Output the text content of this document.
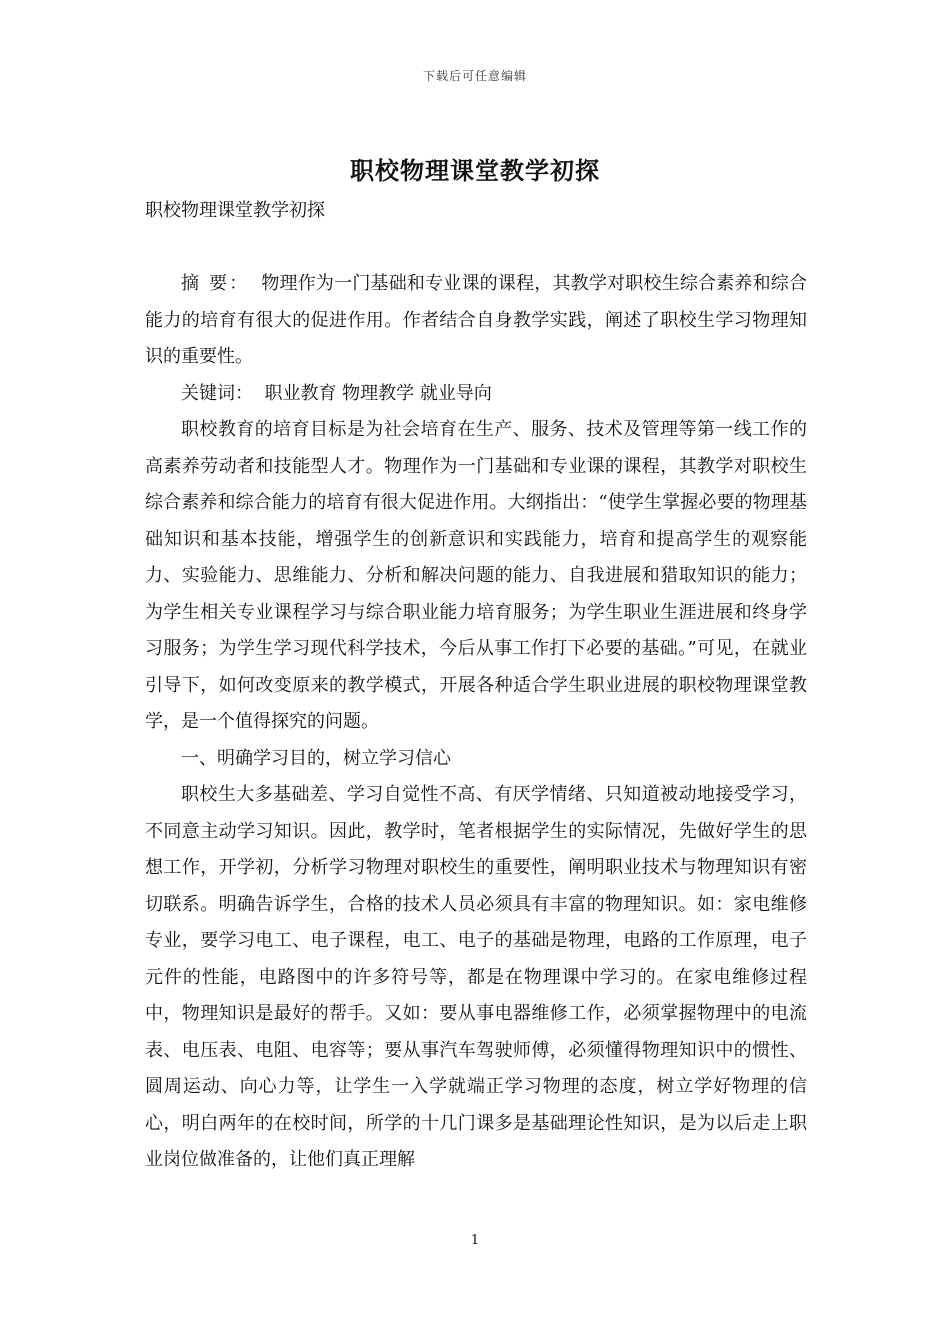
下载后可任意编辑
职校物理课堂教学初探

职校物理课堂教学初探

摘 要： 物理作为一门基础和专业课的课程，其教学对职校生综合素养和综合能力的培育有很大的促进作用。作者结合自身教学实践，阐述了职校生学习物理知识的重要性。

关键词： 职业教育 物理教学 就业导向

职校教育的培育目标是为社会培育在生产、服务、技术及管理等第一线工作的高素养劳动者和技能型人才。物理作为一门基础和专业课的课程，其教学对职校生综合素养和综合能力的培育有很大促进作用。大纲指出：“使学生掌握必要的物理基础知识和基本技能，增强学生的创新意识和实践能力，培育和提高学生的观察能力、实验能力、思维能力、分析和解决问题的能力、自我进展和猎取知识的能力；为学生相关专业课程学习与综合职业能力培育服务；为学生职业生涯进展和终身学习服务；为学生学习现代科学技术，今后从事工作打下必要的基础。”可见，在就业引导下，如何改变原来的教学模式，开展各种适合学生职业进展的职校物理课堂教学，是一个值得探究的问题。

一、明确学习目的，树立学习信心

职校生大多基础差、学习自觉性不高、有厌学情绪、只知道被动地接受学习，不同意主动学习知识。因此，教学时，笔者根据学生的实际情况，先做好学生的思想工作，开学初，分析学习物理对职校生的重要性，阐明职业技术与物理知识有密切联系。明确告诉学生，合格的技术人员必须具有丰富的物理知识。如：家电维修专业，要学习电工、电子课程，电工、电子的基础是物理，电路的工作原理，电子元件的性能，电路图中的许多符号等，都是在物理课中学习的。在家电维修过程中，物理知识是最好的帮手。又如：要从事电器维修工作，必须掌握物理中的电流表、电压表、电阻、电容等；要从事汽车驾驶师傅，必须懂得物理知识中的惯性、圆周运动、向心力等，让学生一入学就端正学习物理的态度，树立学好物理的信心，明白两年的在校时间，所学的十几门课多是基础理论性知识，是为以后走上职业岗位做准备的，让他们真正理解

1
